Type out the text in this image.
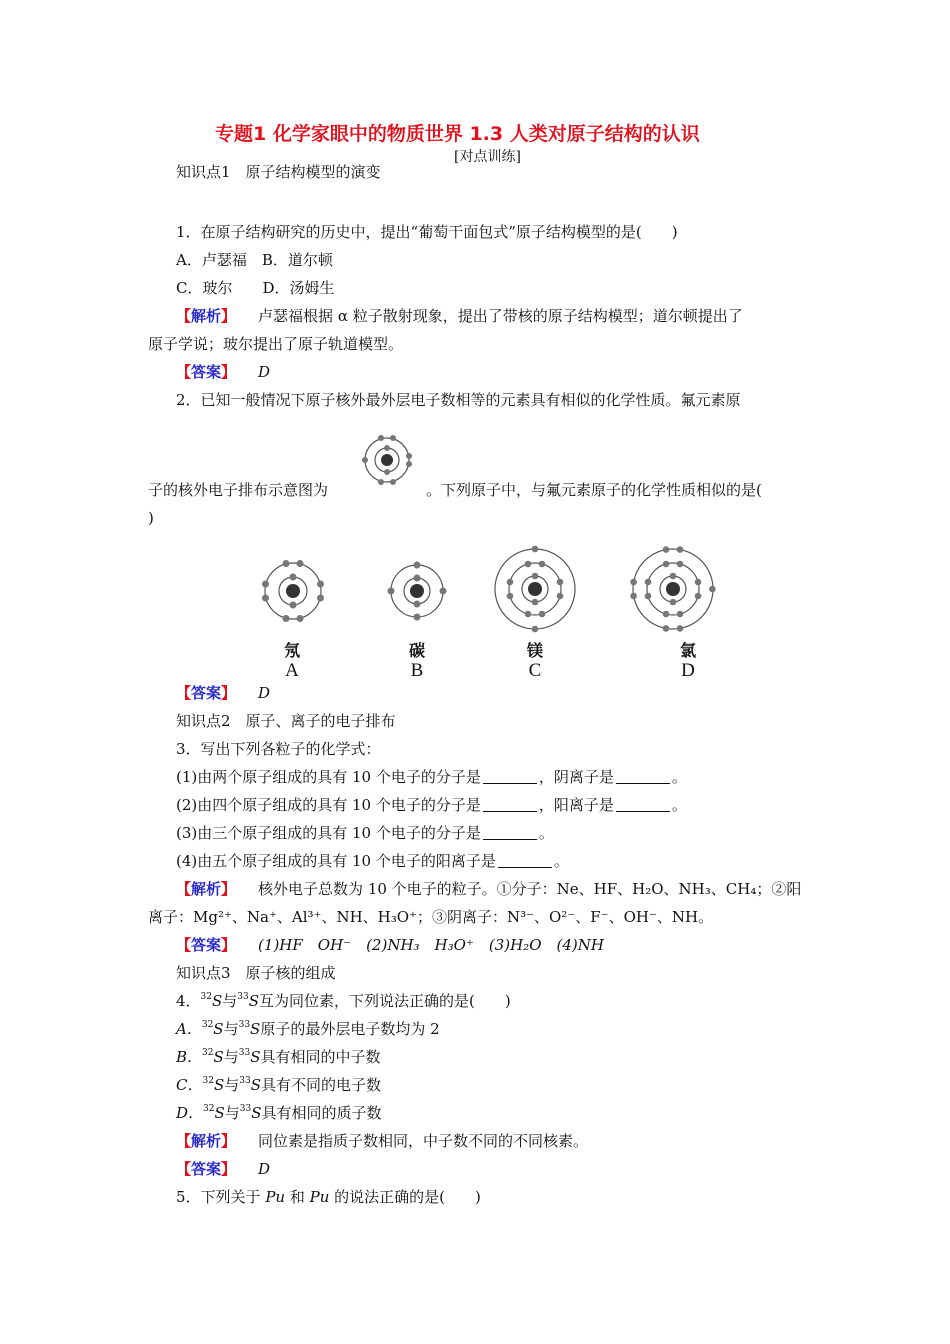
专题1 化学家眼中的物质世界 1.3 人类对原子结构的认识
[对点训练]
知识点1　原子结构模型的演变
1．在原子结构研究的历史中，提出“葡萄干面包式”原子结构模型的是(　　)
A．卢瑟福　B．道尔顿
C．玻尔　　D．汤姆生
【解析】 卢瑟福根据 α 粒子散射现象，提出了带核的原子结构模型；道尔顿提出了
原子学说；玻尔提出了原子轨道模型。
【答案】 D
2．已知一般情况下原子核外最外层电子数相等的元素具有相似的化学性质。氟元素原
子的核外电子排布示意图为	。下列原子中，与氟元素原子的化学性质相似的是(
)
氖
A
碳
B
镁
C
氯
D
【答案】 D
知识点2　原子、离子的电子排布
3．写出下列各粒子的化学式：
(1)由两个原子组成的具有 10 个电子的分子是	，阴离子是	。
(2)由四个原子组成的具有 10 个电子的分子是	，阳离子是	。
(3)由三个原子组成的具有 10 个电子的分子是	。
(4)由五个原子组成的具有 10 个电子的阳离子是	。
【解析】 核外电子总数为 10 个电子的粒子。①分子：Ne、HF、H₂O、NH₃、CH₄；②阳
离子：Mg²⁺、Na⁺、Al³⁺、NH、H₃O⁺；③阴离子：N³⁻、O²⁻、F⁻、OH⁻、NH。
【答案】 (1)HF　OH⁻　(2)NH₃　H₃O⁺　(3)H₂O　(4)NH
知识点3　原子核的组成
4．$^{32}$S与$^{33}$S互为同位素，下列说法正确的是(　　)
A．$^{32}$S与$^{33}$S原子的最外层电子数均为 2
B．$^{32}$S与$^{33}$S具有相同的中子数
C．$^{32}$S与$^{33}$S具有不同的电子数
D．$^{32}$S与$^{33}$S具有相同的质子数
【解析】 同位素是指质子数相同，中子数不同的不同核素。
【答案】 D
5．下列关于 Pu 和 Pu 的说法正确的是(　　)
